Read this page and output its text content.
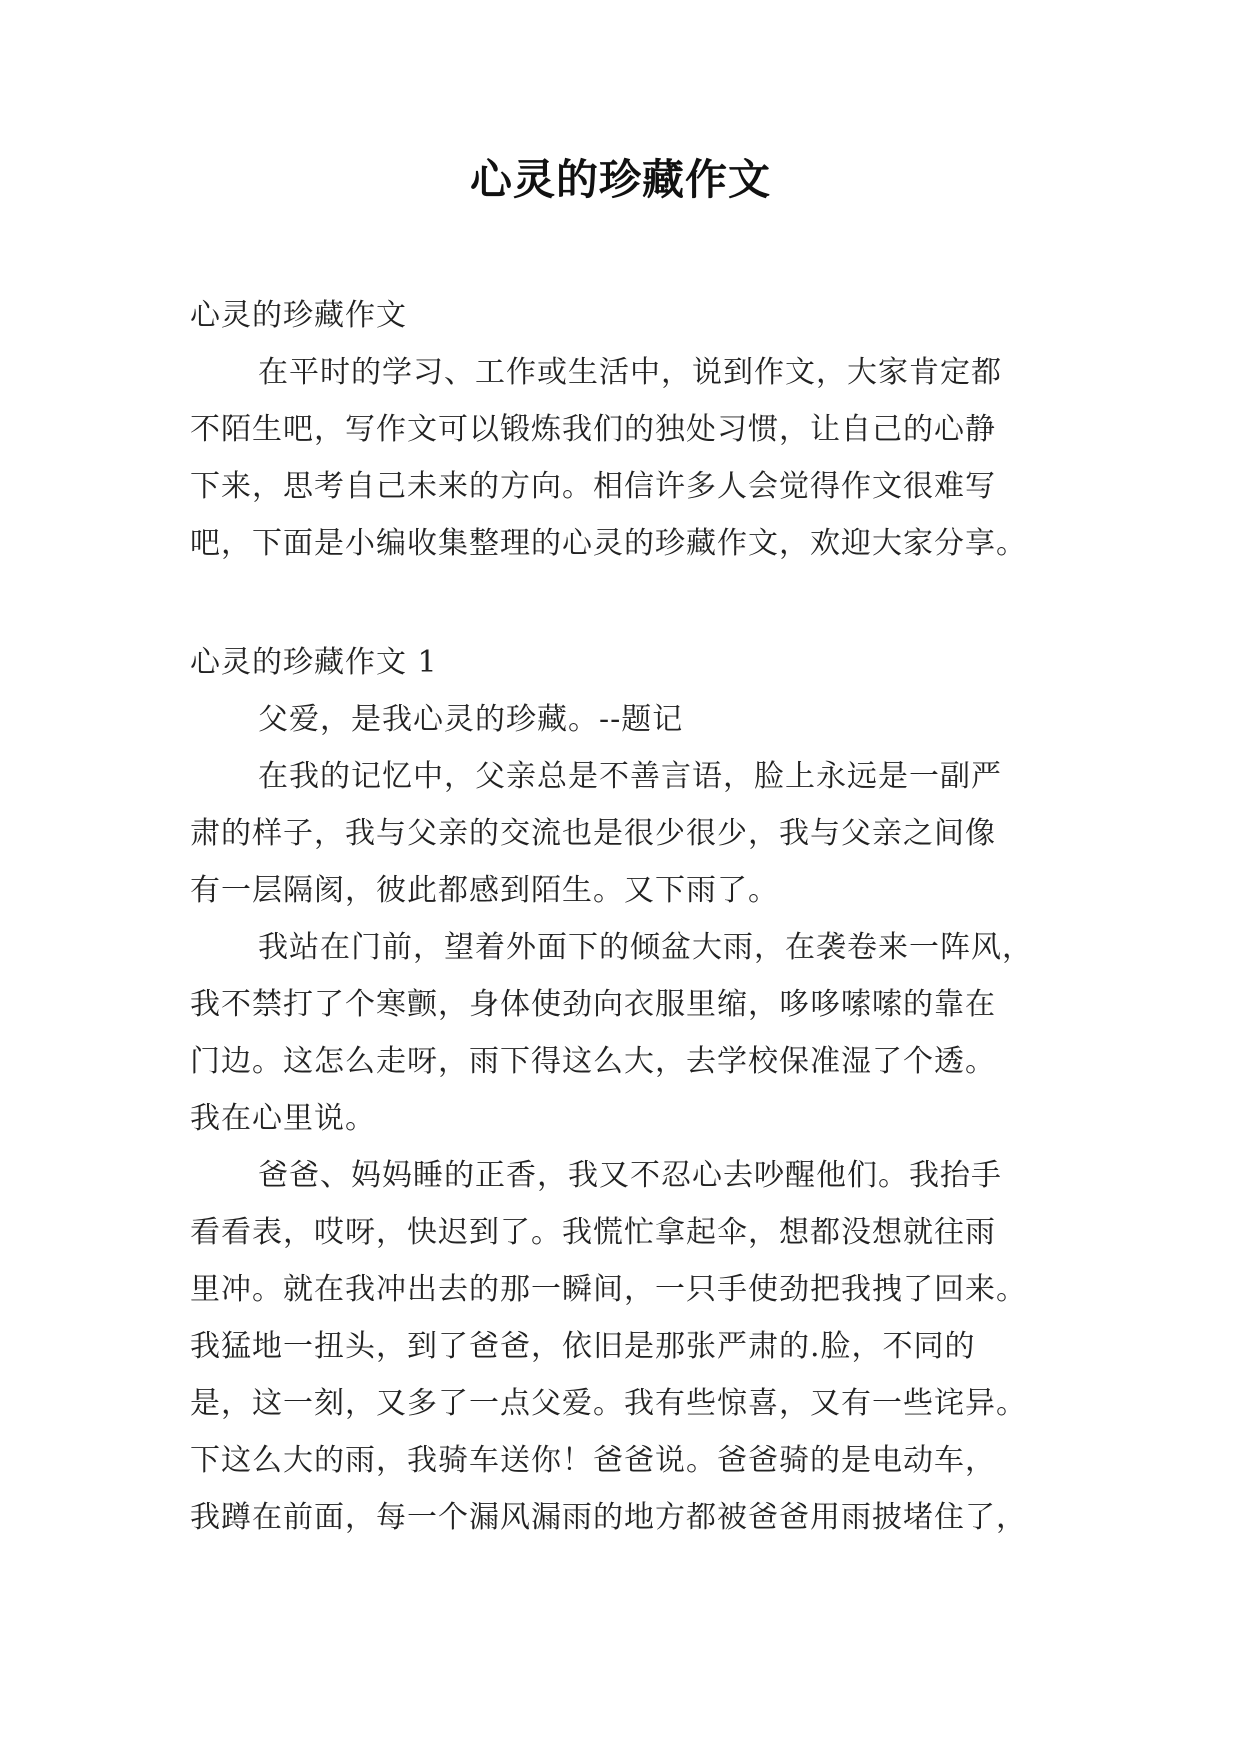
心灵的珍藏作文
心灵的珍藏作文
在平时的学习、工作或生活中，说到作文，大家肯定都
不陌生吧，写作文可以锻炼我们的独处习惯，让自己的心静
下来，思考自己未来的方向。相信许多人会觉得作文很难写
吧，下面是小编收集整理的心灵的珍藏作文，欢迎大家分享。
心灵的珍藏作文 1
父爱，是我心灵的珍藏。--题记
在我的记忆中，父亲总是不善言语，脸上永远是一副严
肃的样子，我与父亲的交流也是很少很少，我与父亲之间像
有一层隔阂，彼此都感到陌生。又下雨了。
我站在门前，望着外面下的倾盆大雨，在袭卷来一阵风，
我不禁打了个寒颤，身体使劲向衣服里缩，哆哆嗦嗦的靠在
门边。这怎么走呀，雨下得这么大，去学校保准湿了个透。
我在心里说。
爸爸、妈妈睡的正香，我又不忍心去吵醒他们。我抬手
看看表，哎呀，快迟到了。我慌忙拿起伞，想都没想就往雨
里冲。就在我冲出去的那一瞬间，一只手使劲把我拽了回来。
我猛地一扭头，到了爸爸，依旧是那张严肃的.脸，不同的
是，这一刻，又多了一点父爱。我有些惊喜，又有一些诧异。
下这么大的雨，我骑车送你！爸爸说。爸爸骑的是电动车，
我蹲在前面，每一个漏风漏雨的地方都被爸爸用雨披堵住了，
